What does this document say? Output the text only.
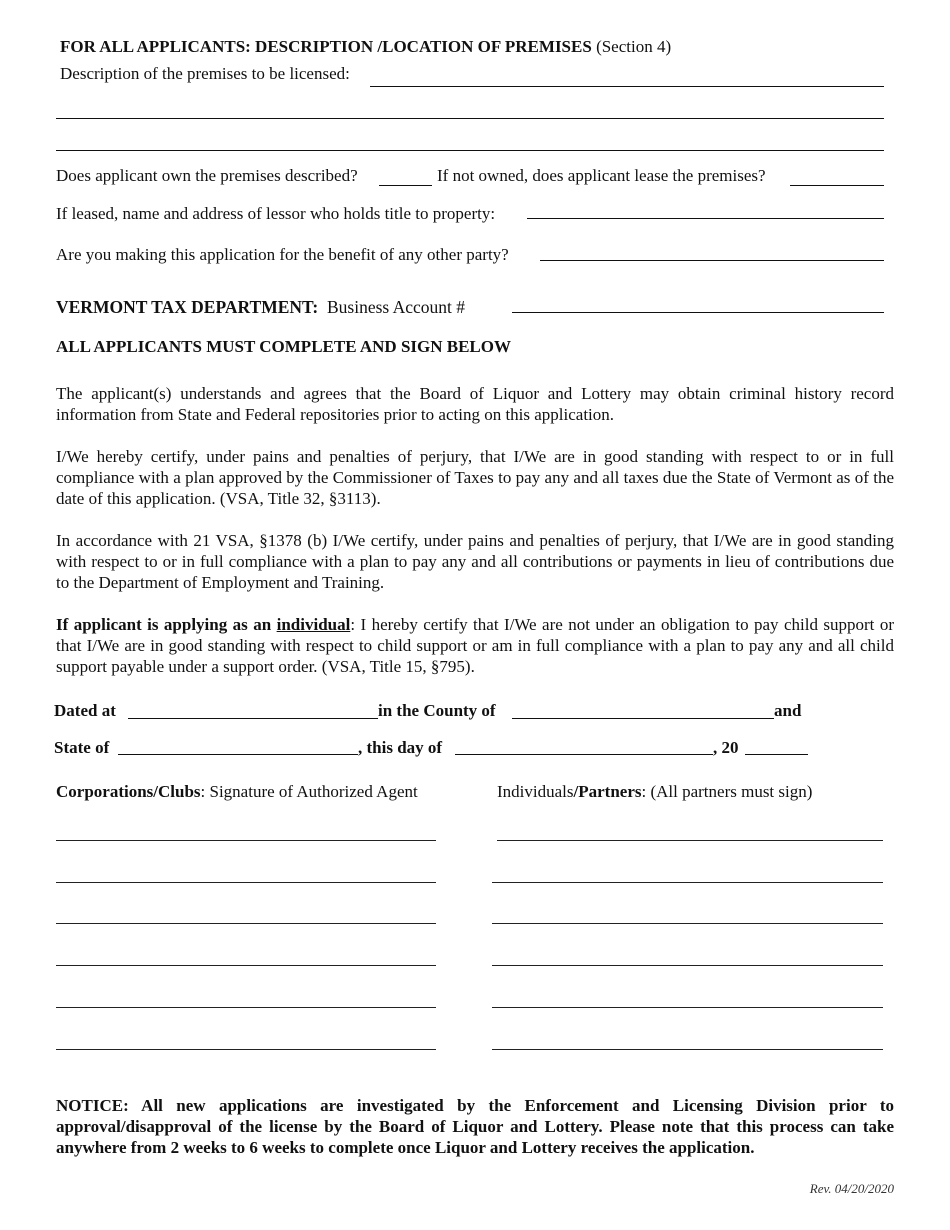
FOR ALL APPLICANTS: DESCRIPTION /LOCATION OF PREMISES (Section 4)
Description of the premises to be licensed:
Does applicant own the premises described?	If not owned, does applicant lease the premises?
If leased, name and address of lessor who holds title to property:
Are you making this application for the benefit of any other party?
VERMONT TAX DEPARTMENT: Business Account #
ALL APPLICANTS MUST COMPLETE AND SIGN BELOW
The applicant(s) understands and agrees that the Board of Liquor and Lottery may obtain criminal history record information from State and Federal repositories prior to acting on this application.
I/We hereby certify, under pains and penalties of perjury, that I/We are in good standing with respect to or in full compliance with a plan approved by the Commissioner of Taxes to pay any and all taxes due the State of Vermont as of the date of this application. (VSA, Title 32, §3113).
In accordance with 21 VSA, §1378 (b) I/We certify, under pains and penalties of perjury, that I/We are in good standing with respect to or in full compliance with a plan to pay any and all contributions or payments in lieu of contributions due to the Department of Employment and Training.
If applicant is applying as an individual: I hereby certify that I/We are not under an obligation to pay child support or that I/We are in good standing with respect to child support or am in full compliance with a plan to pay any and all child support payable under a support order. (VSA, Title 15, §795).
Dated at	in the County of	and
State of	, this day of	, 20
Corporations/Clubs: Signature of Authorized Agent	Individuals/Partners: (All partners must sign)
NOTICE: All new applications are investigated by the Enforcement and Licensing Division prior to approval/disapproval of the license by the Board of Liquor and Lottery. Please note that this process can take anywhere from 2 weeks to 6 weeks to complete once Liquor and Lottery receives the application.
Rev. 04/20/2020
